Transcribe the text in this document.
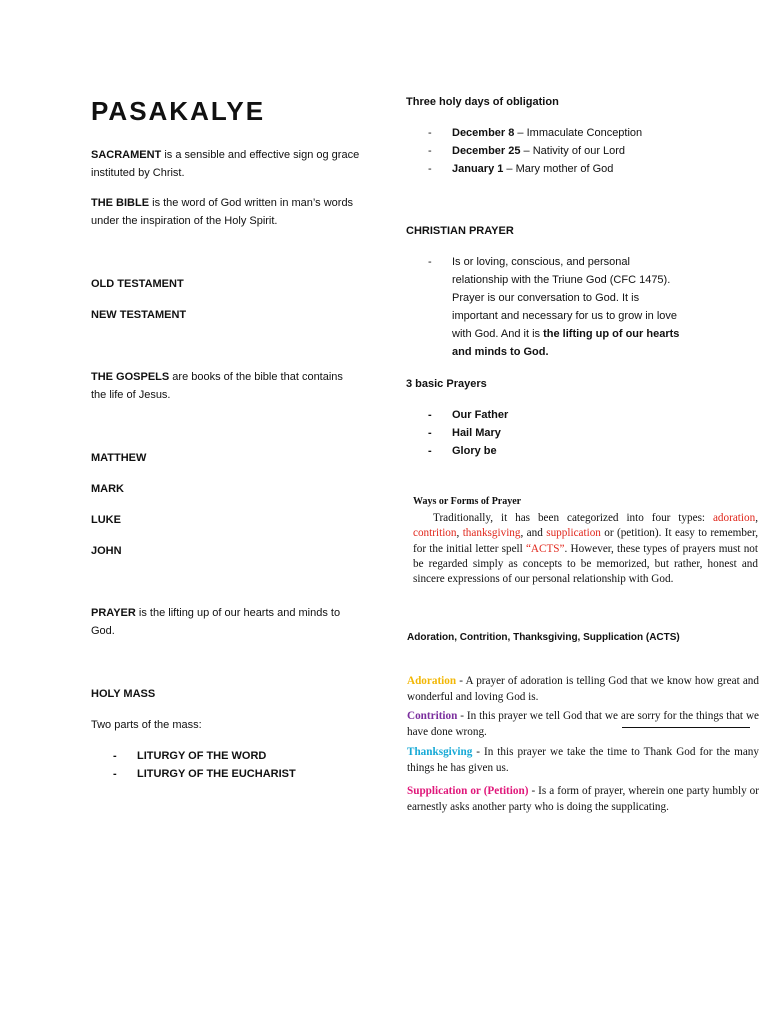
PASAKALYE

SACRAMENT is a sensible and effective sign og grace instituted by Christ.

THE BIBLE is the word of God written in man’s words under the inspiration of the Holy Spirit.

OLD TESTAMENT

NEW TESTAMENT

THE GOSPELS are books of the bible that contains the life of Jesus.

MATTHEW

MARK

LUKE

JOHN

PRAYER is the lifting up of our hearts and minds to God.

HOLY MASS

Two parts of the mass:

- LITURGY OF THE WORD
- LITURGY OF THE EUCHARIST

Three holy days of obligation

- December 8 – Immaculate Conception
- December 25 – Nativity of our Lord
- January 1 – Mary mother of God

CHRISTIAN PRAYER

- Is or loving, conscious, and personal relationship with the Triune God (CFC 1475). Prayer is our conversation to God. It is important and necessary for us to grow in love with God. And it is the lifting up of our hearts and minds to God.

3 basic Prayers

- Our Father
- Hail Mary
- Glory be

Ways or Forms of Prayer

Traditionally, it has been categorized into four types: adoration, contrition, thanksgiving, and supplication or (petition). It easy to remember, for the initial letter spell “ACTS”. However, these types of prayers must not be regarded simply as concepts to be memorized, but rather, honest and sincere expressions of our personal relationship with God.

Adoration, Contrition, Thanksgiving, Supplication (ACTS)

Adoration - A prayer of adoration is telling God that we know how great and wonderful and loving God is.

Contrition - In this prayer we tell God that we are sorry for the things that we have done wrong.

Thanksgiving - In this prayer we take the time to Thank God for the many things he has given us.

Supplication or (Petition) - Is a form of prayer, wherein one party humbly or earnestly asks another party who is doing the supplicating.
